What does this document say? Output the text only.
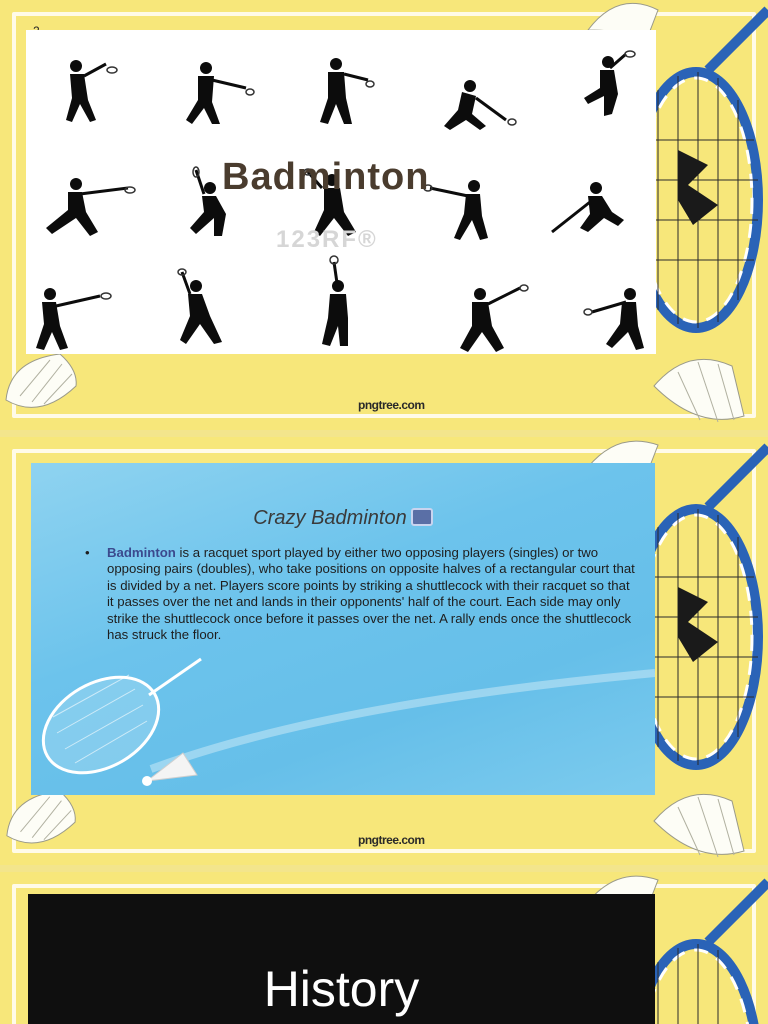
Badminton
123RF®
pngtree.com
Crazy Badminton
• Badminton is a racquet sport played by either two opposing players (singles) or two opposing pairs (doubles), who take positions on opposite halves of a rectangular court that is divided by a net. Players score points by striking a shuttlecock with their racquet so that it passes over the net and lands in their opponents' half of the court. Each side may only strike the shuttlecock once before it passes over the net. A rally ends once the shuttlecock has struck the floor.
pngtree.com
History
